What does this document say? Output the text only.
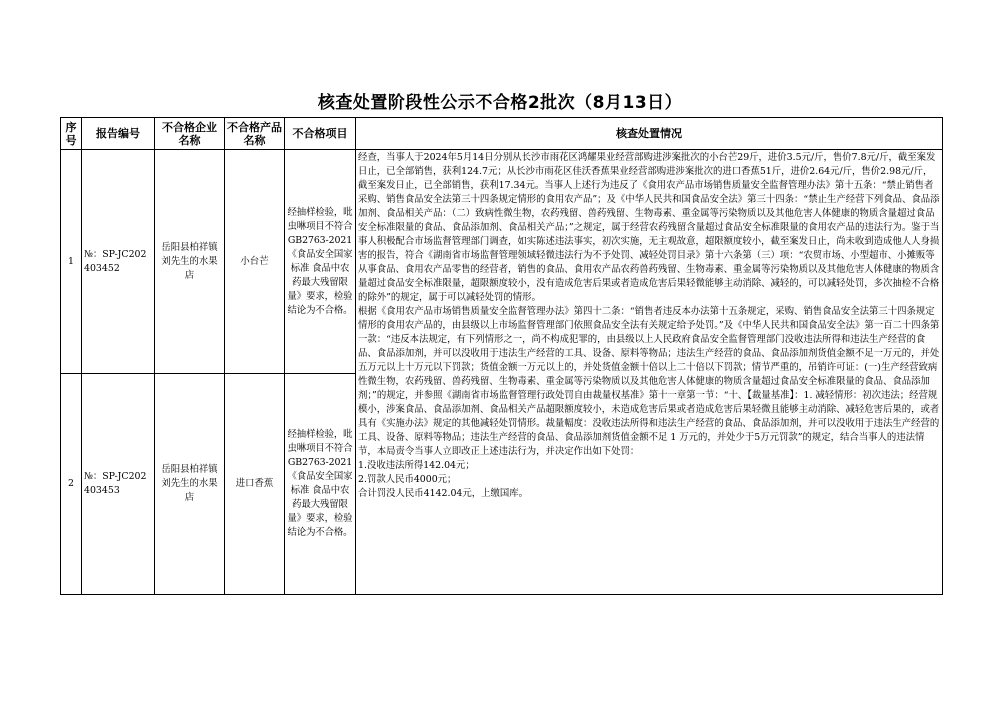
核查处置阶段性公示不合格2批次（8月13日）
序号	报告编号	不合格企业名称	不合格产品名称	不合格项目	核查处置情况
1	№：SP-JC202403452	岳阳县柏祥镇刘先生的水果店	小台芒	经抽样检验，吡虫啉项目不符合GB2763-2021《食品安全国家标准 食品中农药最大残留限量》要求，检验结论为不合格。	经查，当事人于2024年5月14日分别从长沙市雨花区鸿耀果业经营部购进涉案批次的小台芒29斤，进价3.5元/斤，售价7.8元/斤，截至案发日止，已全部销售，获利124.7元；从长沙市雨花区佳沃香蕉果业经营部购进涉案批次的进口香蕉51斤，进价2.64元/斤，售价2.98元/斤，截至案发日止，已全部销售，获利17.34元。当事人上述行为违反了《食用农产品市场销售质量安全监督管理办法》第十五条：“禁止销售者采购、销售食品安全法第三十四条规定情形的食用农产品”；及《中华人民共和国食品安全法》第三十四条：“禁止生产经营下列食品、食品添加剂、食品相关产品：（二）致病性微生物，农药残留、兽药残留、生物毒素、重金属等污染物质以及其他危害人体健康的物质含量超过食品安全标准限量的食品、食品添加剂、食品相关产品；”之规定，属于经营农药残留含量超过食品安全标准限量的食用农产品的违法行为。鉴于当事人积极配合市场监督管理部门调查，如实陈述违法事实，初次实施，无主观故意，超限额度较小，截至案发日止，尚未收到造成他人人身损害的报告，符合《湖南省市场监督管理领域轻微违法行为不予处罚、减轻处罚目录》第十六条第（三）项：“农贸市场、小型超市、小摊贩等从事食品、食用农产品零售的经营者，销售的食品、食用农产品农药兽药残留、生物毒素、重金属等污染物质以及其他危害人体健康的物质含量超过食品安全标准限量，超限额度较小，没有造成危害后果或者造成危害后果轻微能够主动消除、减轻的，可以减轻处罚，多次抽检不合格的除外”的规定，属于可以减轻处罚的情形。
根据《食用农产品市场销售质量安全监督管理办法》第四十二条：“销售者违反本办法第十五条规定，采购、销售食品安全法第三十四条规定情形的食用农产品的，由县级以上市场监督管理部门依照食品安全法有关规定给予处罚。”及《中华人民共和国食品安全法》第一百二十四条第一款：“违反本法规定，有下列情形之一，尚不构成犯罪的，由县级以上人民政府食品安全监督管理部门没收违法所得和违法生产经营的食品、食品添加剂，并可以没收用于违法生产经营的工具、设备、原料等物品；违法生产经营的食品、食品添加剂货值金额不足一万元的，并处五万元以上十万元以下罚款；货值金额一万元以上的，并处货值金额十倍以上二十倍以下罚款；情节严重的，吊销许可证：(一)生产经营致病性微生物，农药残留、兽药残留、生物毒素、重金属等污染物质以及其他危害人体健康的物质含量超过食品安全标准限量的食品、食品添加剂；”的规定，并参照《湖南省市场监督管理行政处罚自由裁量权基准》第十一章第一节：“十、【裁量基准】：1. 减轻情形：初次违法；经营规模小，涉案食品、食品添加剂、食品相关产品超限额度较小，未造成危害后果或者造成危害后果轻微且能够主动消除、减轻危害后果的，或者具有《实施办法》规定的其他减轻处罚情形。裁量幅度：没收违法所得和违法生产经营的食品、食品添加剂，并可以没收用于违法生产经营的工具、设备、原料等物品；违法生产经营的食品、食品添加剂货值金额不足 1 万元的，并处少于5万元罚款”的规定，结合当事人的违法情节，本局责令当事人立即改正上述违法行为，并决定作出如下处罚：
1.没收违法所得142.04元；
2.罚款人民币4000元；
合计罚没人民币4142.04元，上缴国库。

2	№：SP-JC202403453	岳阳县柏祥镇刘先生的水果店	进口香蕉	经抽样检验，吡虫啉项目不符合GB2763-2021《食品安全国家标准 食品中农药最大残留限量》要求，检验结论为不合格。	
